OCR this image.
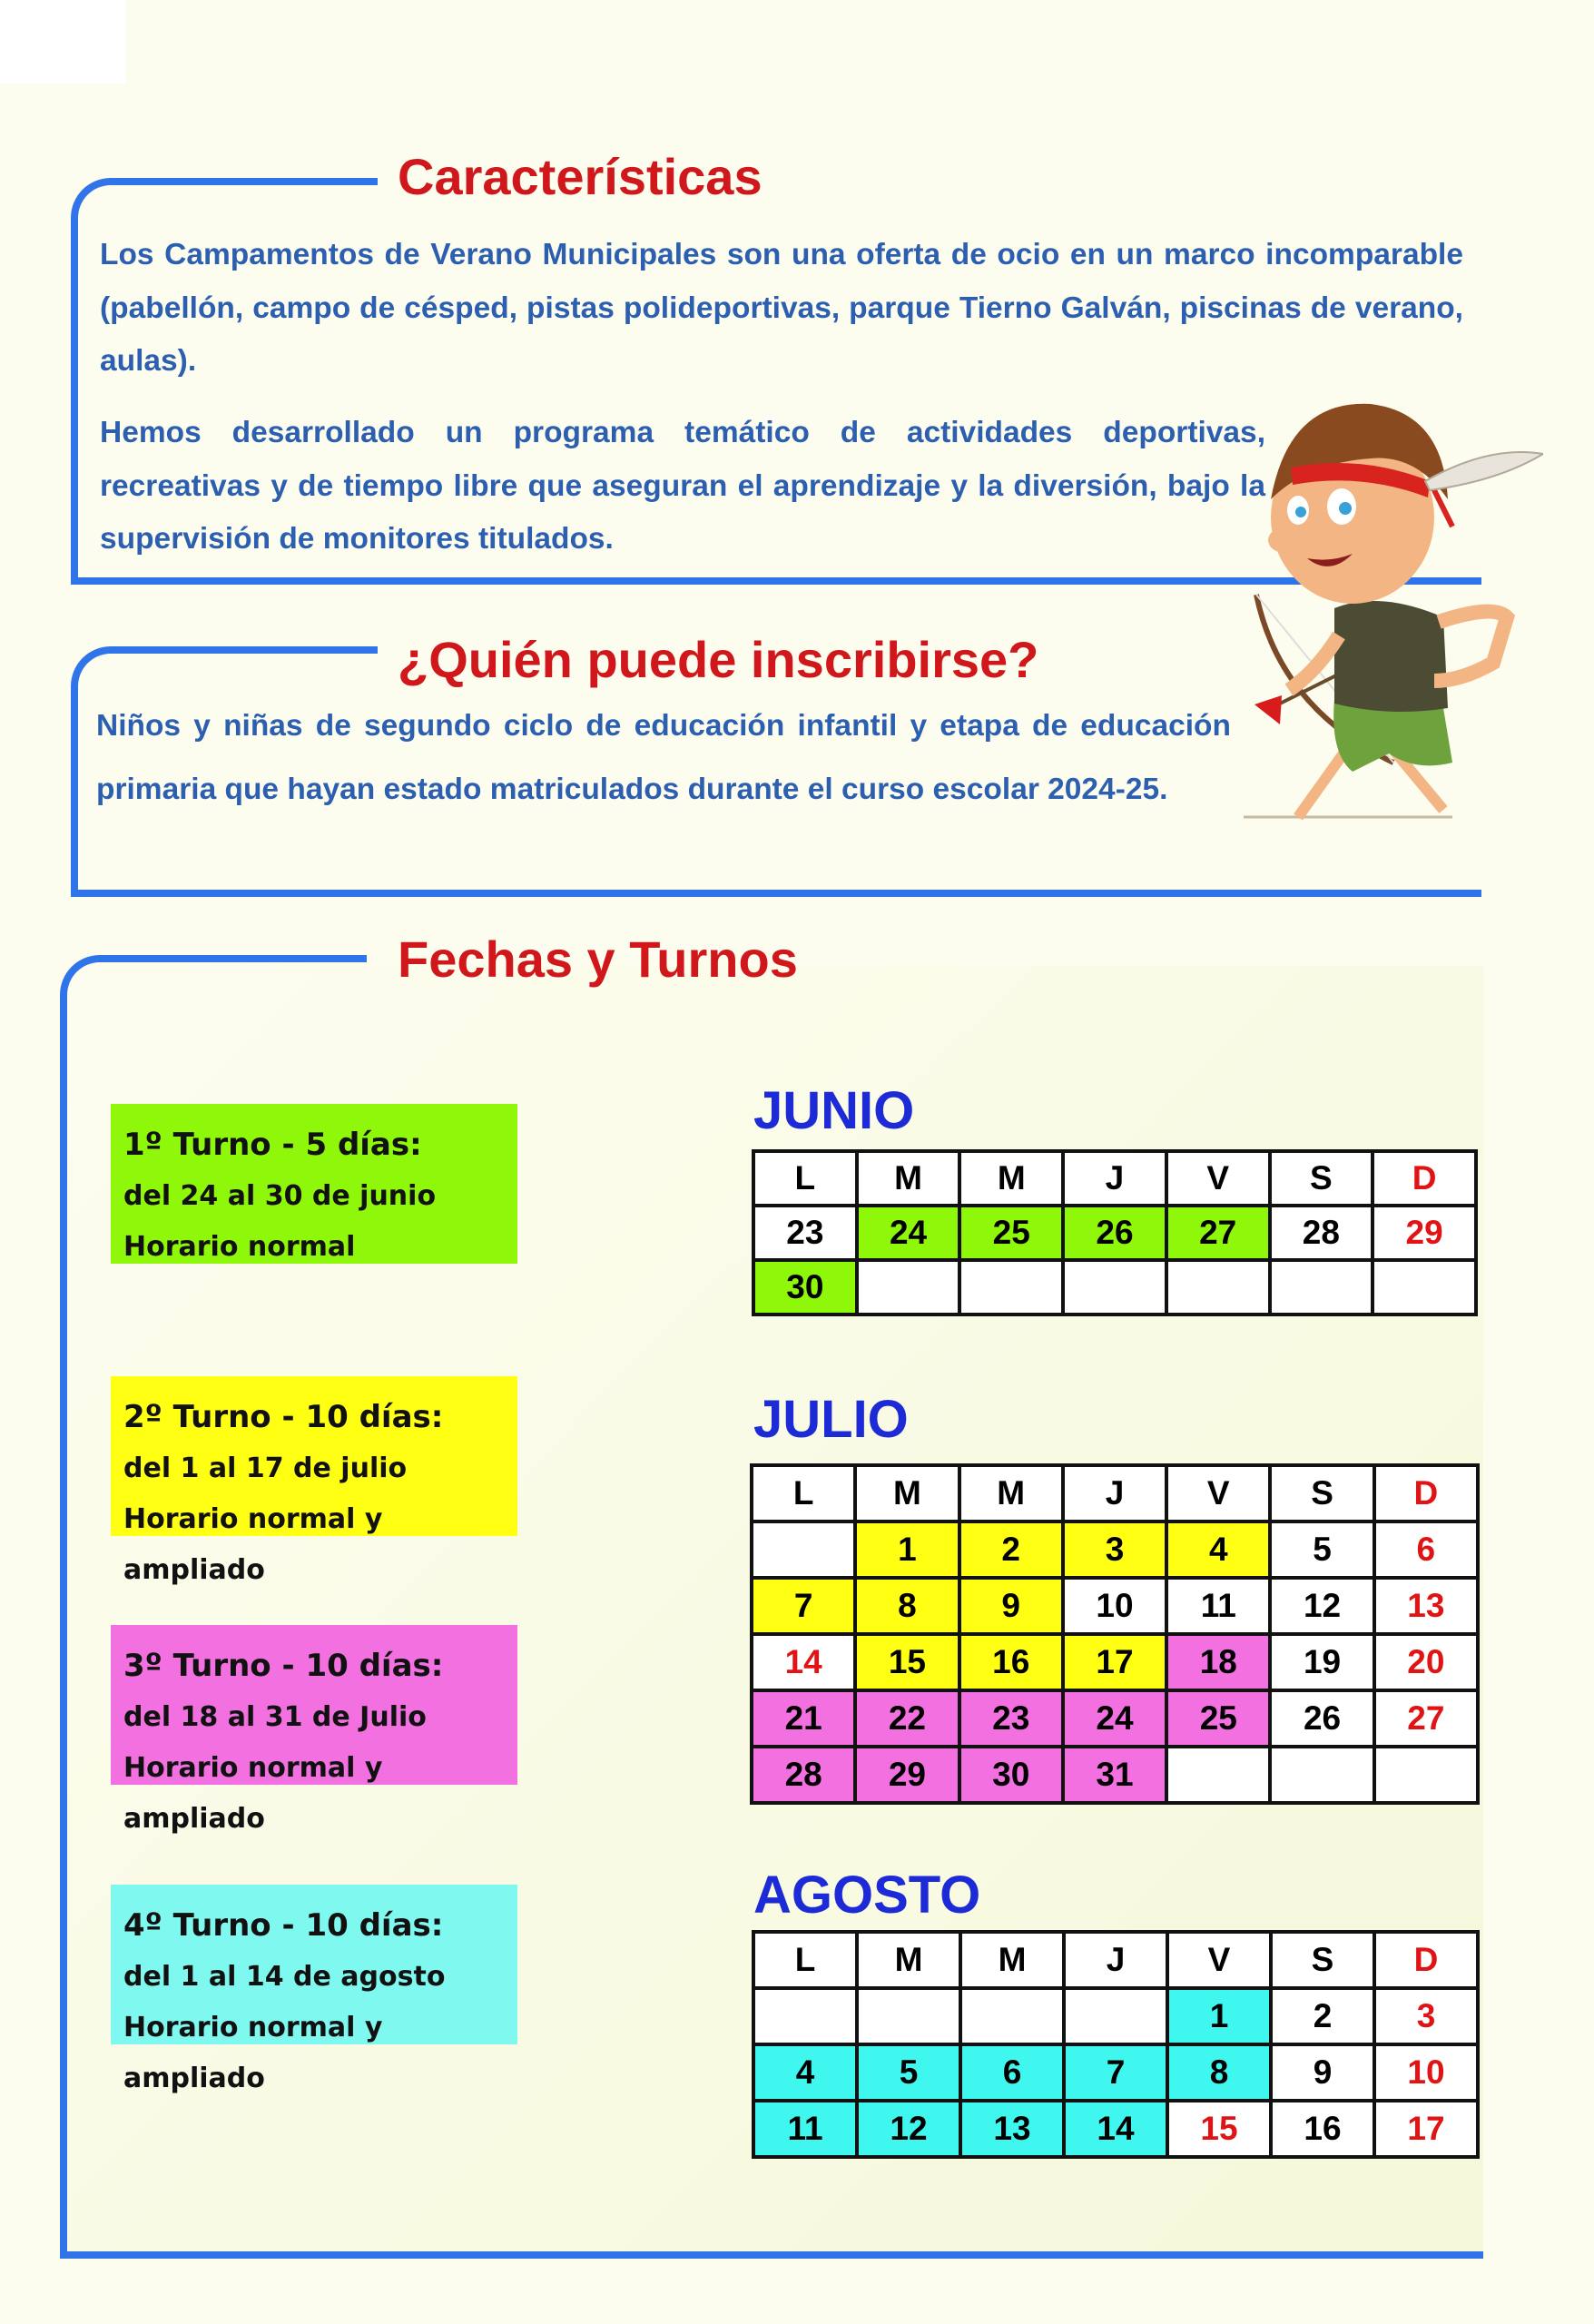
Características
Los Campamentos de Verano Municipales son una oferta de ocio en un marco incomparable (pabellón, campo de césped, pistas polideportivas, parque Tierno Galván, piscinas de verano, aulas).
Hemos desarrollado un programa temático de actividades deportivas, recreativas y de tiempo libre que aseguran el aprendizaje y la diversión, bajo la supervisión de monitores titulados.
¿Quién puede inscribirse?
Niños y niñas de segundo ciclo de educación infantil y etapa de educación primaria que hayan estado matriculados durante el curso escolar 2024-25.
Fechas y Turnos
1º Turno - 5 días:
del 24 al 30 de junio
Horario normal
2º Turno - 10 días:
del 1 al 17 de julio
Horario normal y ampliado
3º Turno - 10 días:
del 18 al 31 de Julio
Horario normal y ampliado
4º Turno - 10 días:
del 1 al 14 de agosto
Horario normal y ampliado
JUNIO
L	M	M	J	V	S	D
23	24	25	26	27	28	29
30						
JULIO
L	M	M	J	V	S	D
	1	2	3	4	5	6
7	8	9	10	11	12	13
14	15	16	17	18	19	20
21	22	23	24	25	26	27
28	29	30	31			
AGOSTO
L	M	M	J	V	S	D
				1	2	3
4	5	6	7	8	9	10
11	12	13	14	15	16	17
